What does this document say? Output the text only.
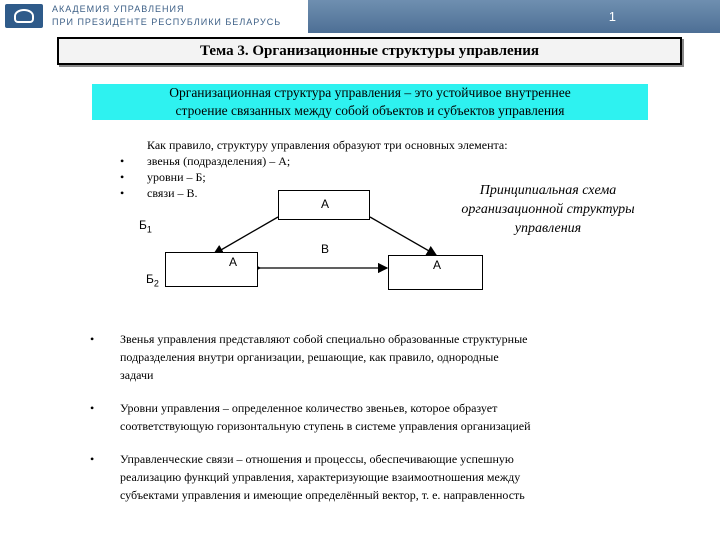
АКАДЕМИЯ УПРАВЛЕНИЯ
ПРИ ПРЕЗИДЕНТЕ РЕСПУБЛИКИ БЕЛАРУСЬ	1
Тема 3. Организационные структуры управления
Организационная структура управления – это устойчивое внутреннее
строение связанных между собой объектов и субъектов управления
Как правило, структуру управления образуют три основных элемента:
• звенья (подразделения) – А;
• уровни – Б;
• связи – В.	Принципиальная схема
организационной структуры
управления
А
А	А
В
$Б_1$
$Б_2$
• Звенья управления представляют собой специально образованные структурные
подразделения внутри организации, решающие, как правило, однородные
задачи
• Уровни управления – определенное количество звеньев, которое образует
соответствующую горизонтальную ступень в системе управления организацией
• Управленческие связи – отношения и процессы, обеспечивающие успешную
реализацию функций управления, характеризующие взаимоотношения между
субъектами управления и имеющие определённый вектор, т. е. направленность
